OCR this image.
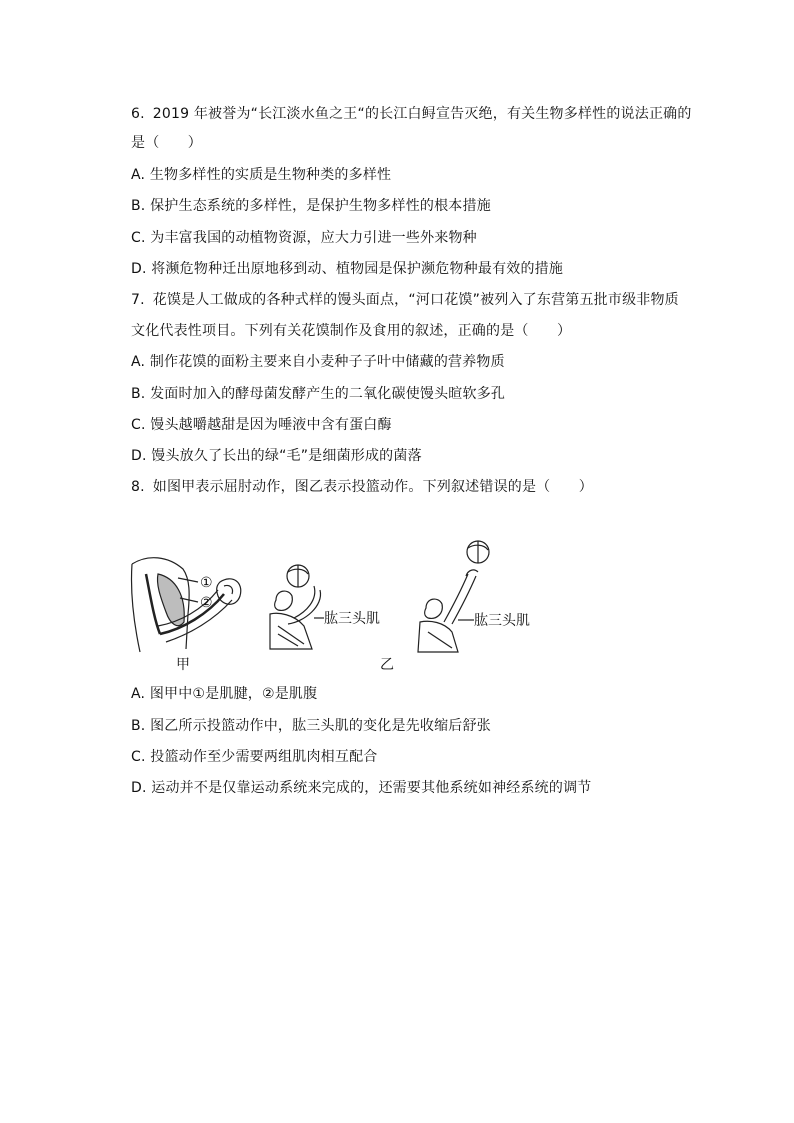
6. 2019 年被誉为“长江淡水鱼之王“的长江白鲟宣告灭绝，有关生物多样性的说法正确的
是（　　）
A. 生物多样性的实质是生物种类的多样性
B. 保护生态系统的多样性，是保护生物多样性的根本措施
C. 为丰富我国的动植物资源，应大力引进一些外来物种
D. 将濒危物种迁出原地移到动、植物园是保护濒危物种最有效的措施
7. 花馍是人工做成的各种式样的馒头面点，“河口花馍”被列入了东营第五批市级非物质
文化代表性项目。下列有关花馍制作及食用的叙述，正确的是（　　）
A. 制作花馍的面粉主要来自小麦种子子叶中储藏的营养物质
B. 发面时加入的酵母菌发酵产生的二氧化碳使馒头暄软多孔
C. 馒头越嚼越甜是因为唾液中含有蛋白酶
D. 馒头放久了长出的绿“毛”是细菌形成的菌落
8. 如图甲表示屈肘动作，图乙表示投篮动作。下列叙述错误的是（　　）
①
②
甲
肱三头肌	肱三头肌
乙
A. 图甲中①是肌腱，②是肌腹
B. 图乙所示投篮动作中，肱三头肌的变化是先收缩后舒张
C. 投篮动作至少需要两组肌肉相互配合
D. 运动并不是仅靠运动系统来完成的，还需要其他系统如神经系统的调节
